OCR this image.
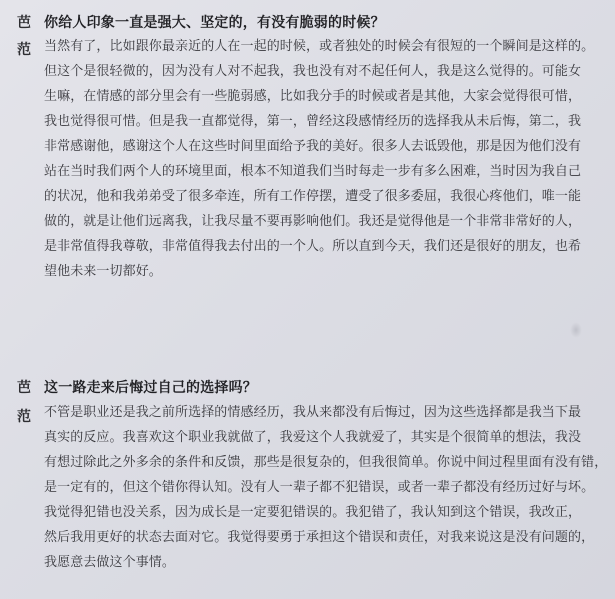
芭 你给人印象一直是强大、坚定的，有没有脆弱的时候？
范	当然有了，比如跟你最亲近的人在一起的时候，或者独处的时候会有很短的一个瞬间是这样的。
但这个是很轻微的，因为没有人对不起我，我也没有对不起任何人，我是这么觉得的。可能女
生嘛，在情感的部分里会有一些脆弱感，比如我分手的时候或者是其他，大家会觉得很可惜，
我也觉得很可惜。但是我一直都觉得，第一，曾经这段感情经历的选择我从未后悔，第二，我
非常感谢他，感谢这个人在这些时间里面给予我的美好。很多人去诋毁他，那是因为他们没有
站在当时我们两个人的环境里面，根本不知道我们当时每走一步有多么困难，当时因为我自己
的状况，他和我弟弟受了很多牵连，所有工作停摆，遭受了很多委屈，我很心疼他们，唯一能
做的，就是让他们远离我，让我尽量不要再影响他们。我还是觉得他是一个非常非常好的人，
是非常值得我尊敬，非常值得我去付出的一个人。所以直到今天，我们还是很好的朋友，也希
望他未来一切都好。
芭 这一路走来后悔过自己的选择吗？
范	不管是职业还是我之前所选择的情感经历，我从来都没有后悔过，因为这些选择都是我当下最
真实的反应。我喜欢这个职业我就做了，我爱这个人我就爱了，其实是个很简单的想法，我没
有想过除此之外多余的条件和反馈，那些是很复杂的，但我很简单。你说中间过程里面有没有错，
是一定有的，但这个错你得认知。没有人一辈子都不犯错误，或者一辈子都没有经历过好与坏。
我觉得犯错也没关系，因为成长是一定要犯错误的。我犯错了，我认知到这个错误，我改正，
然后我用更好的状态去面对它。我觉得要勇于承担这个错误和责任，对我来说这是没有问题的，
我愿意去做这个事情。
